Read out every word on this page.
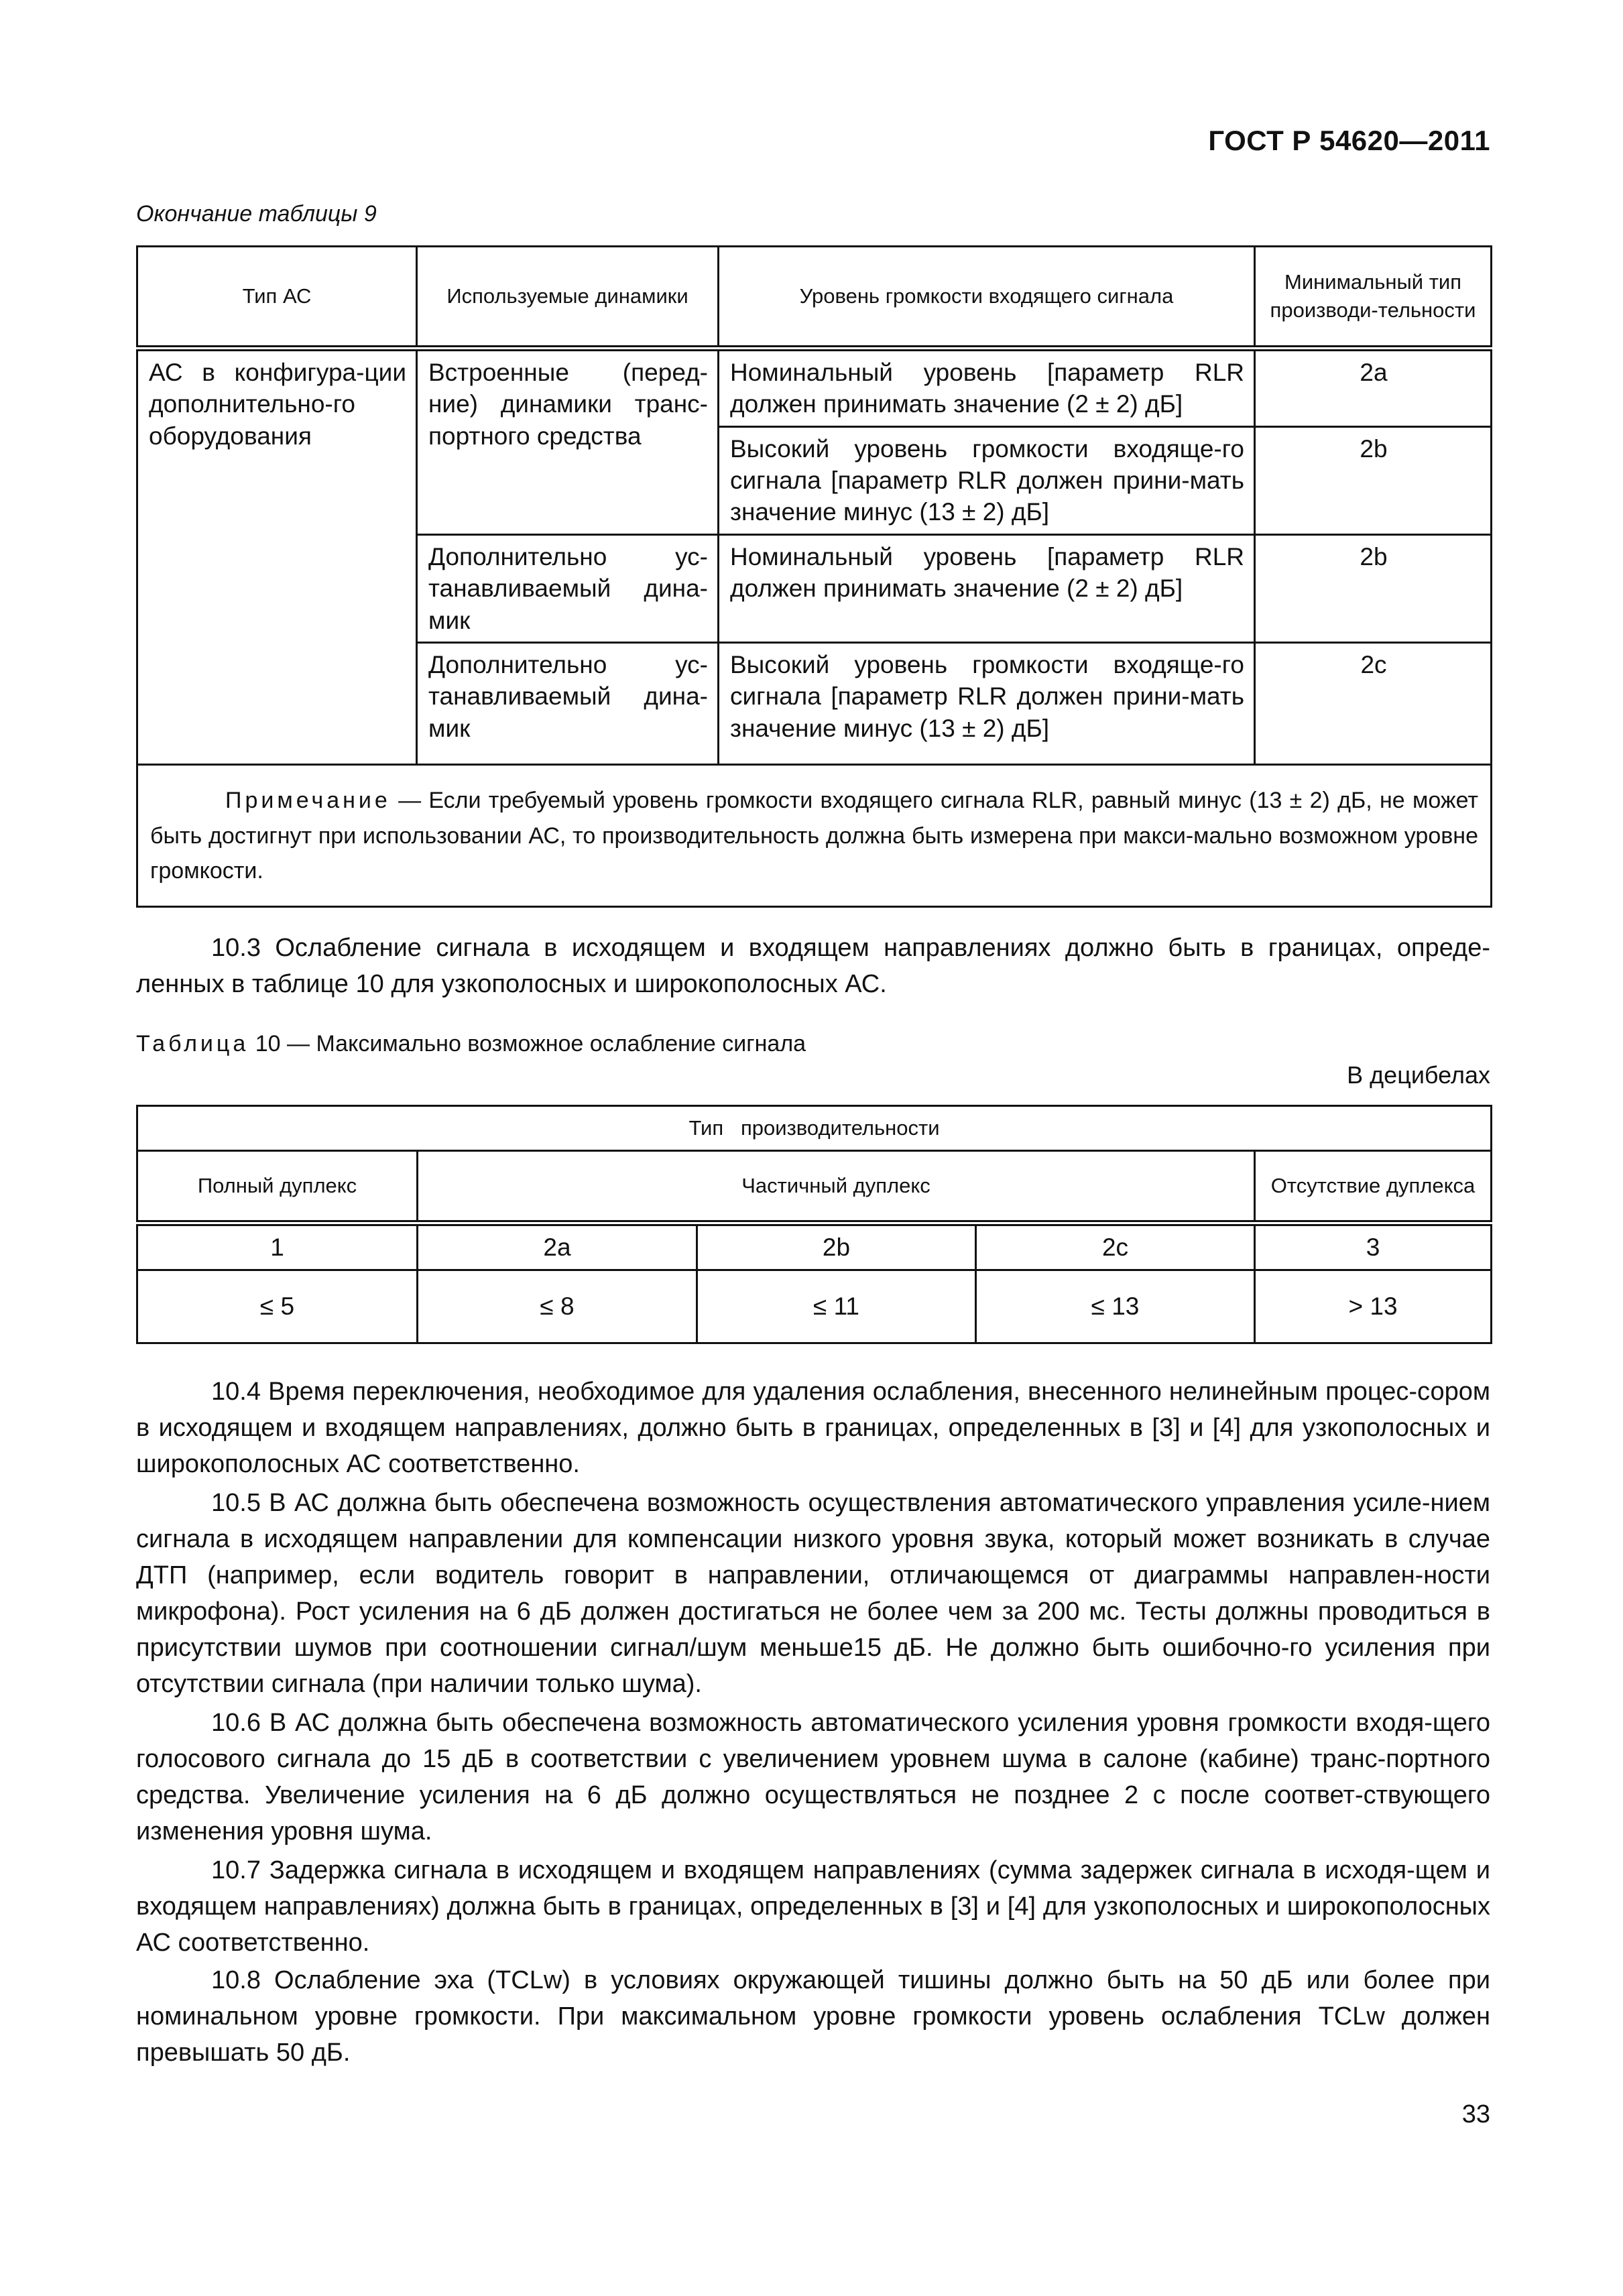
ГОСТ Р 54620—2011
Окончание таблицы 9
Тип АС	Используемые динамики	Уровень громкости входящего сигнала	Минимальный тип производи-тельности
АС в конфигура-ции дополнительно-го оборудования	Встроенные (перед-ние) динамики транс-портного средства	Номинальный уровень [параметр RLR должен принимать значение (2 ± 2) дБ]	2a
		Высокий уровень громкости входяще-го сигнала [параметр RLR должен прини-мать значение минус (13 ± 2) дБ]	2b
	Дополнительно ус-танавливаемый дина-мик	Номинальный уровень [параметр RLR должен принимать значение (2 ± 2) дБ]	2b
	Дополнительно ус-танавливаемый дина-мик	Высокий уровень громкости входяще-го сигнала [параметр RLR должен прини-мать значение минус (13 ± 2) дБ]	2c
Примечание — Если требуемый уровень громкости входящего сигнала RLR, равный минус (13 ± 2) дБ, не может быть достигнут при использовании АС, то производительность должна быть измерена при макси-мально возможном уровне громкости.			

10.3 Ослабление сигнала в исходящем и входящем направлениях должно быть в границах, опреде-ленных в таблице 10 для узкополосных и широкополосных АС.

Таблица 10 — Максимально возможное ослабление сигнала
В децибелах
Тип   производительности				
Полный дуплекс	Частичный дуплекс			Отсутствие дуплекса
1	2a	2b	2c	3
≤ 5	≤ 8	≤ 11	≤ 13	> 13

10.4 Время переключения, необходимое для удаления ослабления, внесенного нелинейным процес-сором в исходящем и входящем направлениях, должно быть в границах, определенных в [3] и [4] для узкополосных и широкополосных АС соответственно.

10.5 В АС должна быть обеспечена возможность осуществления автоматического управления усиле-нием сигнала в исходящем направлении для компенсации низкого уровня звука, который может возникать в случае ДТП (например, если водитель говорит в направлении, отличающемся от диаграммы направлен-ности микрофона). Рост усиления на 6 дБ должен достигаться не более чем за 200 мс. Тесты должны проводиться в присутствии шумов при соотношении сигнал/шум меньше15 дБ. Не должно быть ошибочно-го усиления при отсутствии сигнала (при наличии только шума).

10.6 В АС должна быть обеспечена возможность автоматического усиления уровня громкости входя-щего голосового сигнала до 15 дБ в соответствии с увеличением уровнем шума в салоне (кабине) транс-портного средства. Увеличение усиления на 6 дБ должно осуществляться не позднее 2 с после соответ-ствующего изменения уровня шума.

10.7 Задержка сигнала в исходящем и входящем направлениях (сумма задержек сигнала в исходя-щем и входящем направлениях) должна быть в границах, определенных в [3] и [4] для узкополосных и широкополосных АС соответственно.

10.8 Ослабление эха (TCLw) в условиях окружающей тишины должно быть на 50 дБ или более при номинальном уровне громкости. При максимальном уровне громкости уровень ослабления TCLw должен превышать 50 дБ.

33
